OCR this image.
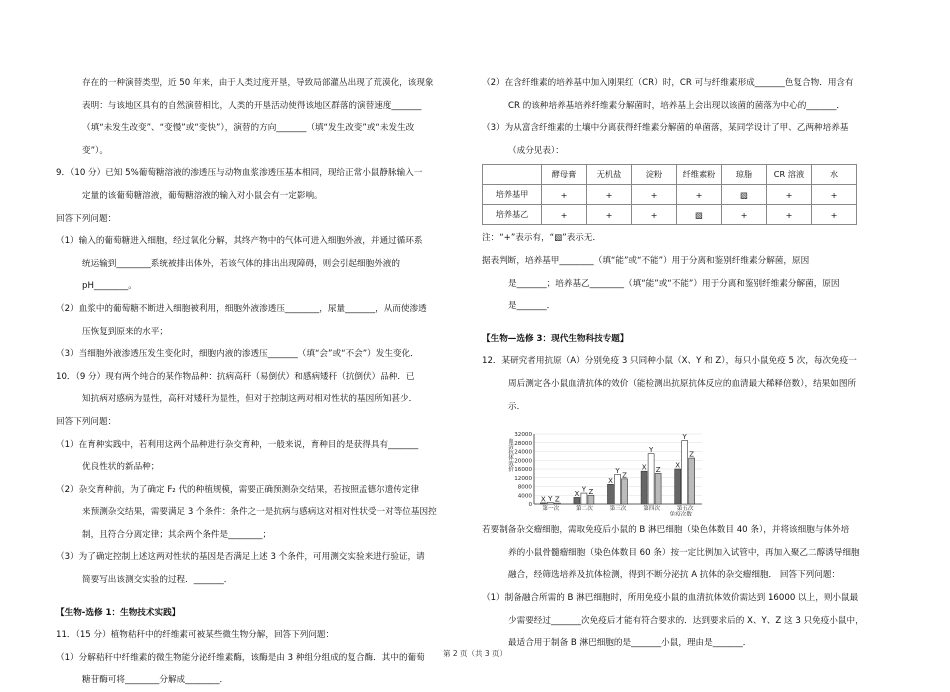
存在的一种演替类型，近 50 年来，由于人类过度开垦，导致局部灌丛出现了荒漠化，该现象
表明：与该地区具有的自然演替相比，人类的开垦活动使得该地区群落的演替速度_______
（填“未发生改变”、“变慢”或“变快”），演替的方向_______（填“发生改变”或“未发生改
变”）。
9．（10 分）已知 5%葡萄糖溶液的渗透压与动物血浆渗透压基本相同，现给正常小鼠静脉输入一
定量的该葡萄糖溶液，葡萄糖溶液的输入对小鼠会有一定影响。
回答下列问题：
（1）输入的葡萄糖进入细胞，经过氧化分解，其终产物中的气体可进入细胞外液，并通过循环系
统运输到________系统被排出体外，若该气体的排出出现障碍，则会引起细胞外液的
pH________。
（2）血浆中的葡萄糖不断进入细胞被利用，细胞外液渗透压________，尿量_______，从而使渗透
压恢复到原来的水平；
（3）当细胞外液渗透压发生变化时，细胞内液的渗透压_______（填“会”或“不会”）发生变化．
10．（9 分）现有两个纯合的某作物品种：抗病高秆（易倒伏）和感病矮秆（抗倒伏）品种．已
知抗病对感病为显性，高秆对矮秆为显性，但对于控制这两对相对性状的基因所知甚少．
回答下列问题：
（1）在育种实践中，若利用这两个品种进行杂交育种，一般来说，育种目的是获得具有_______
优良性状的新品种；
（2）杂交育种前，为了确定 F₂ 代的种植规模，需要正确预测杂交结果，若按照孟德尔遗传定律
来预测杂交结果，需要满足 3 个条件：条件之一是抗病与感病这对相对性状受一对等位基因控
制，且符合分离定律；其余两个条件是________；
（3）为了确定控制上述这两对性状的基因是否满足上述 3 个条件，可用测交实验来进行验证，请
简要写出该测交实验的过程．_______．
【生物-选修 1：生物技术实践】
11．（15 分）植物秸秆中的纤维素可被某些微生物分解，回答下列问题：
（1）分解秸秆中纤维素的微生物能分泌纤维素酶，该酶是由 3 种组分组成的复合酶．其中的葡萄
糖苷酶可将________分解成________．
（2）在含纤维素的培养基中加入刚果红（CR）时，CR 可与纤维素形成_______色复合物．用含有
CR 的该种培养基培养纤维素分解菌时，培养基上会出现以该菌的菌落为中心的_______．
（3）为从富含纤维素的土壤中分离获得纤维素分解菌的单菌落，某同学设计了甲、乙两种培养基
（成分见表）：
	酵母膏	无机盐	淀粉	纤维素粉	琼脂	CR 溶液	水
培养基甲	+	+	+	+	▧	+	+
培养基乙	+	+	+	▧	+	+	+
注：“+”表示有，“▧”表示无．
据表判断，培养基甲________（填“能”或“不能”）用于分离和鉴别纤维素分解菌，原因
是_______；培养基乙________（填“能”或“不能”）用于分离和鉴别纤维素分解菌，原因
是_______．
【生物—选修 3：现代生物科技专题】
12．某研究者用抗原（A）分别免疫 3 只同种小鼠（X、Y 和 Z），每只小鼠免疫 5 次，每次免疫一
周后测定各小鼠血清抗体的效价（能检测出抗原抗体反应的血清最大稀释倍数），结果如图所
示．
血清抗体效价
0
4000
8000
12000
16000
20000
24000
28000
32000
X Y Z
第一次
X
Y Z
第二次
X
Y
Z
第三次
X
Y
Z
第四次
X
Y
Z
第五次
免疫次数
若要制备杂交瘤细胞，需取免疫后小鼠的 B 淋巴细胞（染色体数目 40 条），并将该细胞与体外培
养的小鼠骨髓瘤细胞（染色体数目 60 条）按一定比例加入试管中，再加入聚乙二醇诱导细胞
融合，经筛选培养及抗体检测，得到不断分泌抗 A 抗体的杂交瘤细胞． 回答下列问题：
（1）制备融合所需的 B 淋巴细胞时，所用免疫小鼠的血清抗体效价需达到 16000 以上，则小鼠最
少需要经过_______次免疫后才能有符合要求的．达到要求后的 X、Y、Z 这 3 只免疫小鼠中，
最适合用于制备 B 淋巴细胞的是_______小鼠，理由是_______．
第 2 页（共 3 页）
